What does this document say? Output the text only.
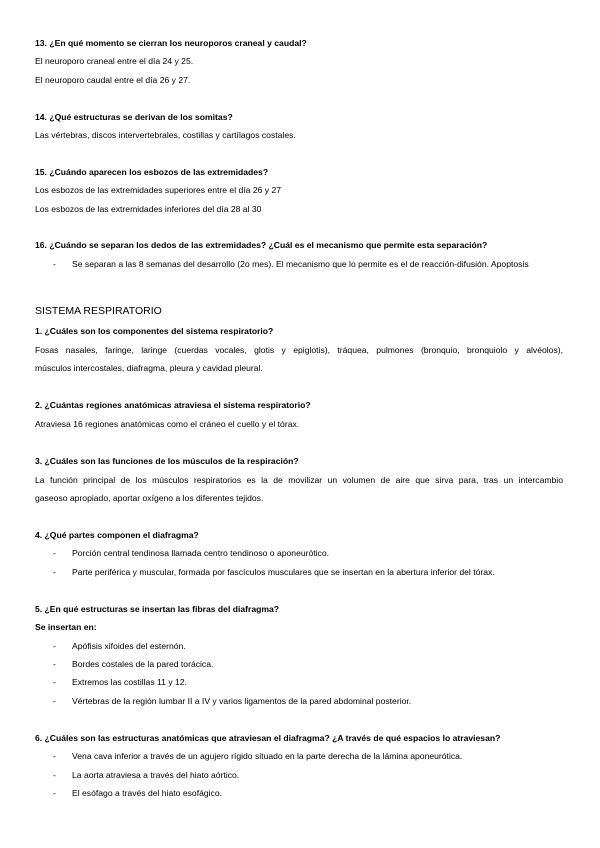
13. ¿En qué momento se cierran los neuroporos craneal y caudal?
El neuroporo craneal entre el día 24 y 25.
El neuroporo caudal entre el día 26 y 27.
14. ¿Qué estructuras se derivan de los somitas?
Las vértebras, discos intervertebrales, costillas y cartílagos costales.
15. ¿Cuándo aparecen los esbozos de las extremidades?
Los esbozos de las extremidades superiores entre el día 26 y 27
Los esbozos de las extremidades inferiores del día 28 al 30
16. ¿Cuándo se separan los dedos de las extremidades? ¿Cuál es el mecanismo que permite esta separación?
- Se separan a las 8 semanas del desarrollo (2o mes). El mecanismo que lo permite es el de reacción-difusión. Apoptosis
SISTEMA RESPIRATORIO
1. ¿Cuáles son los componentes del sistema respiratorio?
Fosas nasales, faringe, laringe (cuerdas vocales, glotis y epiglotis), tráquea, pulmones (bronquio, bronquiolo y alvéolos),
músculos intercostales, diafragma, pleura y cavidad pleural.
2. ¿Cuántas regiones anatómicas atraviesa el sistema respiratorio?
Atraviesa 16 regiones anatómicas como el cráneo el cuello y el tórax.
3. ¿Cuáles son las funciones de los músculos de la respiración?
La función principal de los músculos respiratorios es la de movilizar un volumen de aire que sirva para, tras un intercambio
gaseoso apropiado, aportar oxígeno a los diferentes tejidos.
4. ¿Qué partes componen el diafragma?
- Porción central tendinosa llamada centro tendinoso o aponeurótico.
- Parte periférica y muscular, formada por fascículos musculares que se insertan en la abertura inferior del tórax.
5. ¿En qué estructuras se insertan las fibras del diafragma?
Se insertan en:
- Apófisis xifoides del esternón.
- Bordes costales de la pared torácica.
- Extremos las costillas 11 y 12.
- Vértebras de la región lumbar II a IV y varios ligamentos de la pared abdominal posterior.
6. ¿Cuáles son las estructuras anatómicas que atraviesan el diafragma? ¿A través de qué espacios lo atraviesan?
- Vena cava inferior a través de un agujero rígido situado en la parte derecha de la lámina aponeurótica.
- La aorta atraviesa a través del hiato aórtico.
- El esófago a través del hiato esofágico.
